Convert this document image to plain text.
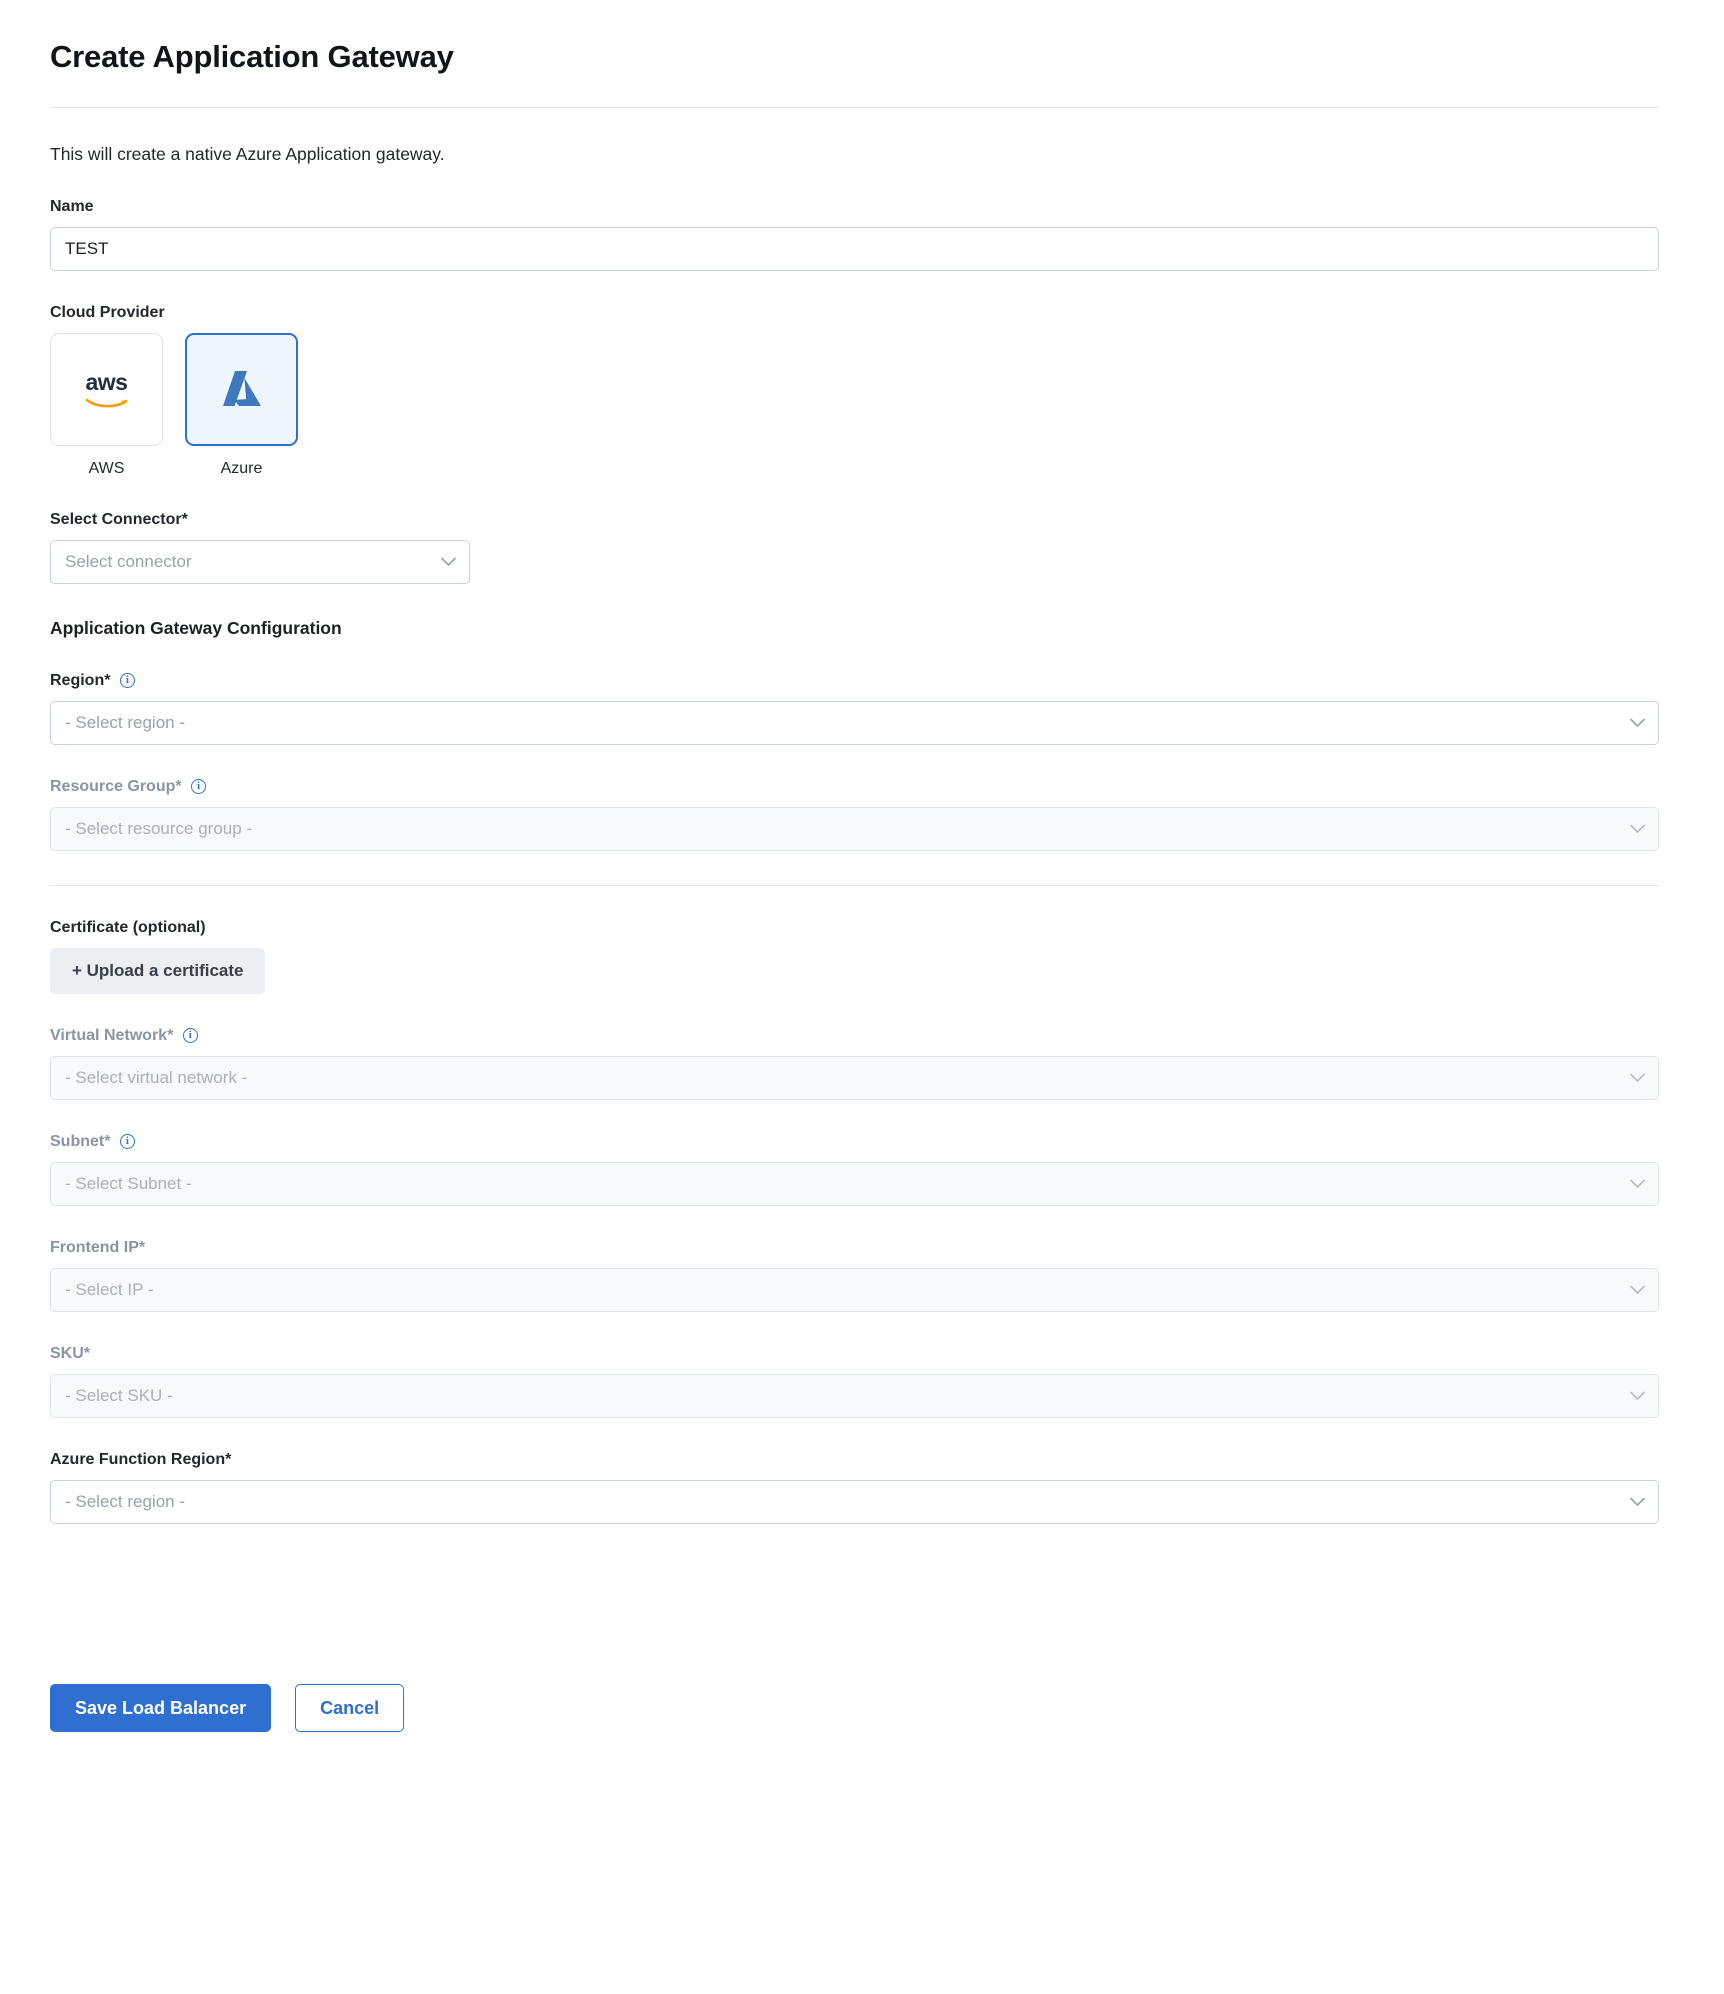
Create Application Gateway

This will create a native Azure Application gateway.

Name
TEST
Cloud Provider
aws
AWS	Azure
Select Connector*
Select connector
Application Gateway Configuration
Region* i
- Select region -
Resource Group* i
- Select resource group -
Certificate (optional)
+ Upload a certificate
Virtual Network* i
- Select virtual network -
Subnet* i
- Select Subnet -
Frontend IP*
- Select IP -
SKU*
- Select SKU -
Azure Function Region*
- Select region -
Save Load Balancer	Cancel
